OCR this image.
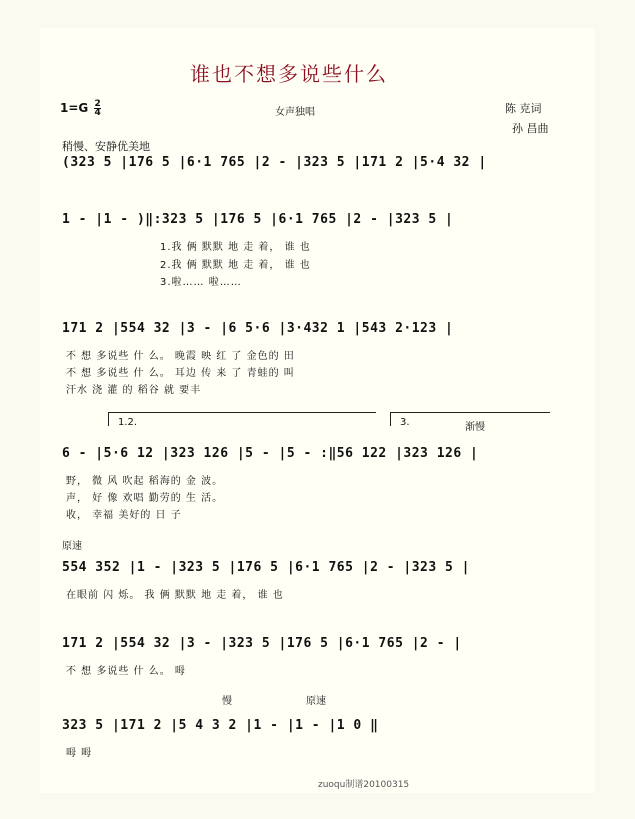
谁也不想多说些什么
$1=G \frac{2}{4}$	女声独唱	陈 克词
孙 昌曲
稍慢、安静优美地
(323 5 |176 5 |6·1 765 |2 - |323 5 |171 2 |5·4 32 |
1 - |1 - )‖:323 5 |176 5 |6·1 765 |2 - |323 5 |
1.我 俩 默默 地 走 着， 谁 也
2.我 俩 默默 地 走 着， 谁 也
3.啦…… 啦……
171 2 |554 32 |3 - |6 5·6 |3·432 1 |543 2·123 |
不 想 多说些 什 么。 晚霞 映 红 了 金色的 田
不 想 多说些 什 么。 耳边 传 来 了 青蛙的 叫
汗水 浇 灌 的 稻谷 就 要丰
1.2.	3.	渐慢
6 - |5·6 12 |323 126 |5 - |5 - :‖56 122 |323 126 |
野， 微 风 吹起 稻海的 金 波。
声， 好 像 欢唱 勤劳的 生 活。
收， 幸福 美好的 日 子
原速
554 352 |1 - |323 5 |176 5 |6·1 765 |2 - |323 5 |
在眼前 闪 烁。 我 俩 默默 地 走 着， 谁 也
171 2 |554 32 |3 - |323 5 |176 5 |6·1 765 |2 - |
不 想 多说些 什 么。 呣
慢	原速
323 5 |171 2 |5 4 3 2 |1 - |1 - |1 0 ‖
呣 呣
zuoqu制谱20100315
